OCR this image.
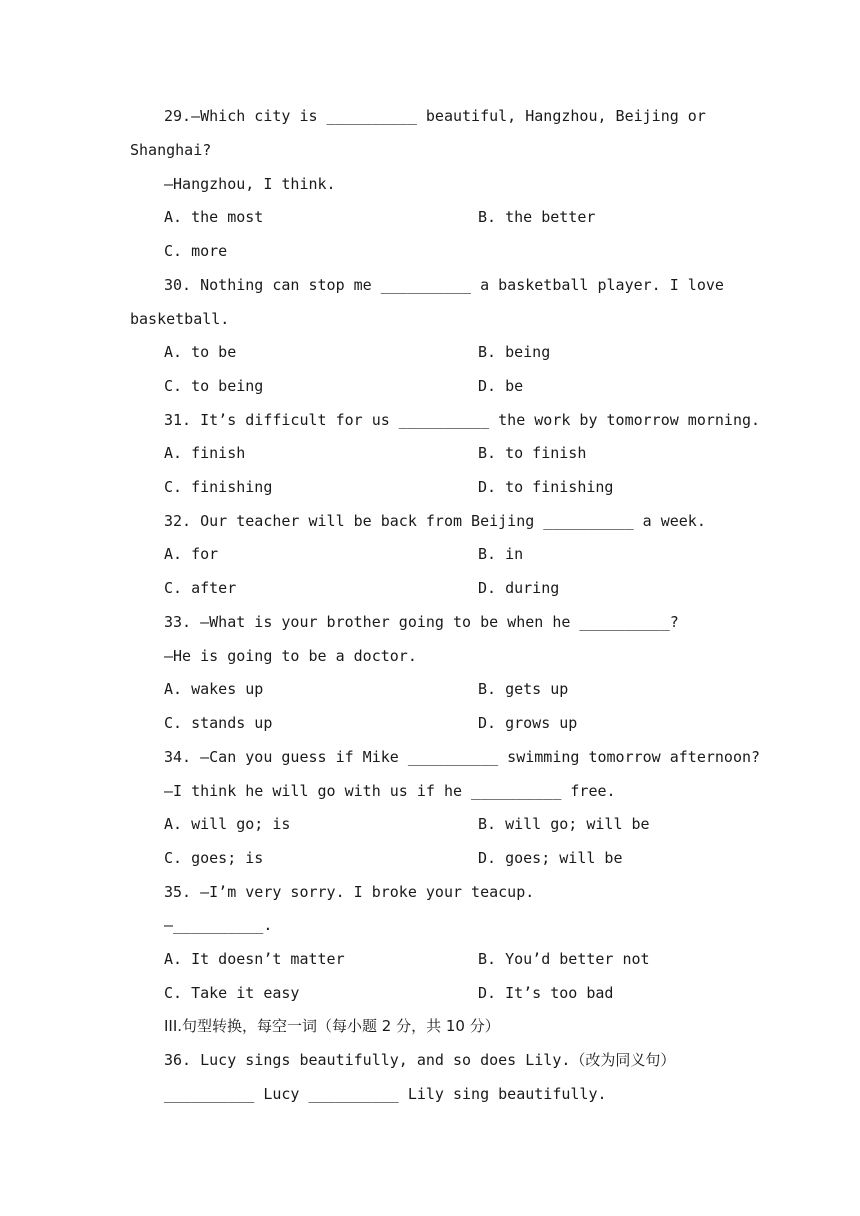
29.—Which city is __________ beautiful, Hangzhou, Beijing or
Shanghai?
—Hangzhou, I think.
A. the most	B. the better
C. more
30. Nothing can stop me __________ a basketball player. I love
basketball.
A. to be	B. being
C. to being	D. be
31. It’s difficult for us __________ the work by tomorrow morning.
A. finish	B. to finish
C. finishing	D. to finishing
32. Our teacher will be back from Beijing __________ a week.
A. for	B. in
C. after	D. during
33. —What is your brother going to be when he __________?
—He is going to be a doctor.
A. wakes up	B. gets up
C. stands up	D. grows up
34. —Can you guess if Mike __________ swimming tomorrow afternoon?
—I think he will go with us if he __________ free.
A. will go; is	B. will go; will be
C. goes; is	D. goes; will be
35. —I’m very sorry. I broke your teacup.
—__________.
A. It doesn’t matter	B. You’d better not
C. Take it easy	D. It’s too bad
III.句型转换，每空一词（每小题 2 分，共 10 分）
36. Lucy sings beautifully, and so does Lily.（改为同义句）
__________ Lucy __________ Lily sing beautifully.
